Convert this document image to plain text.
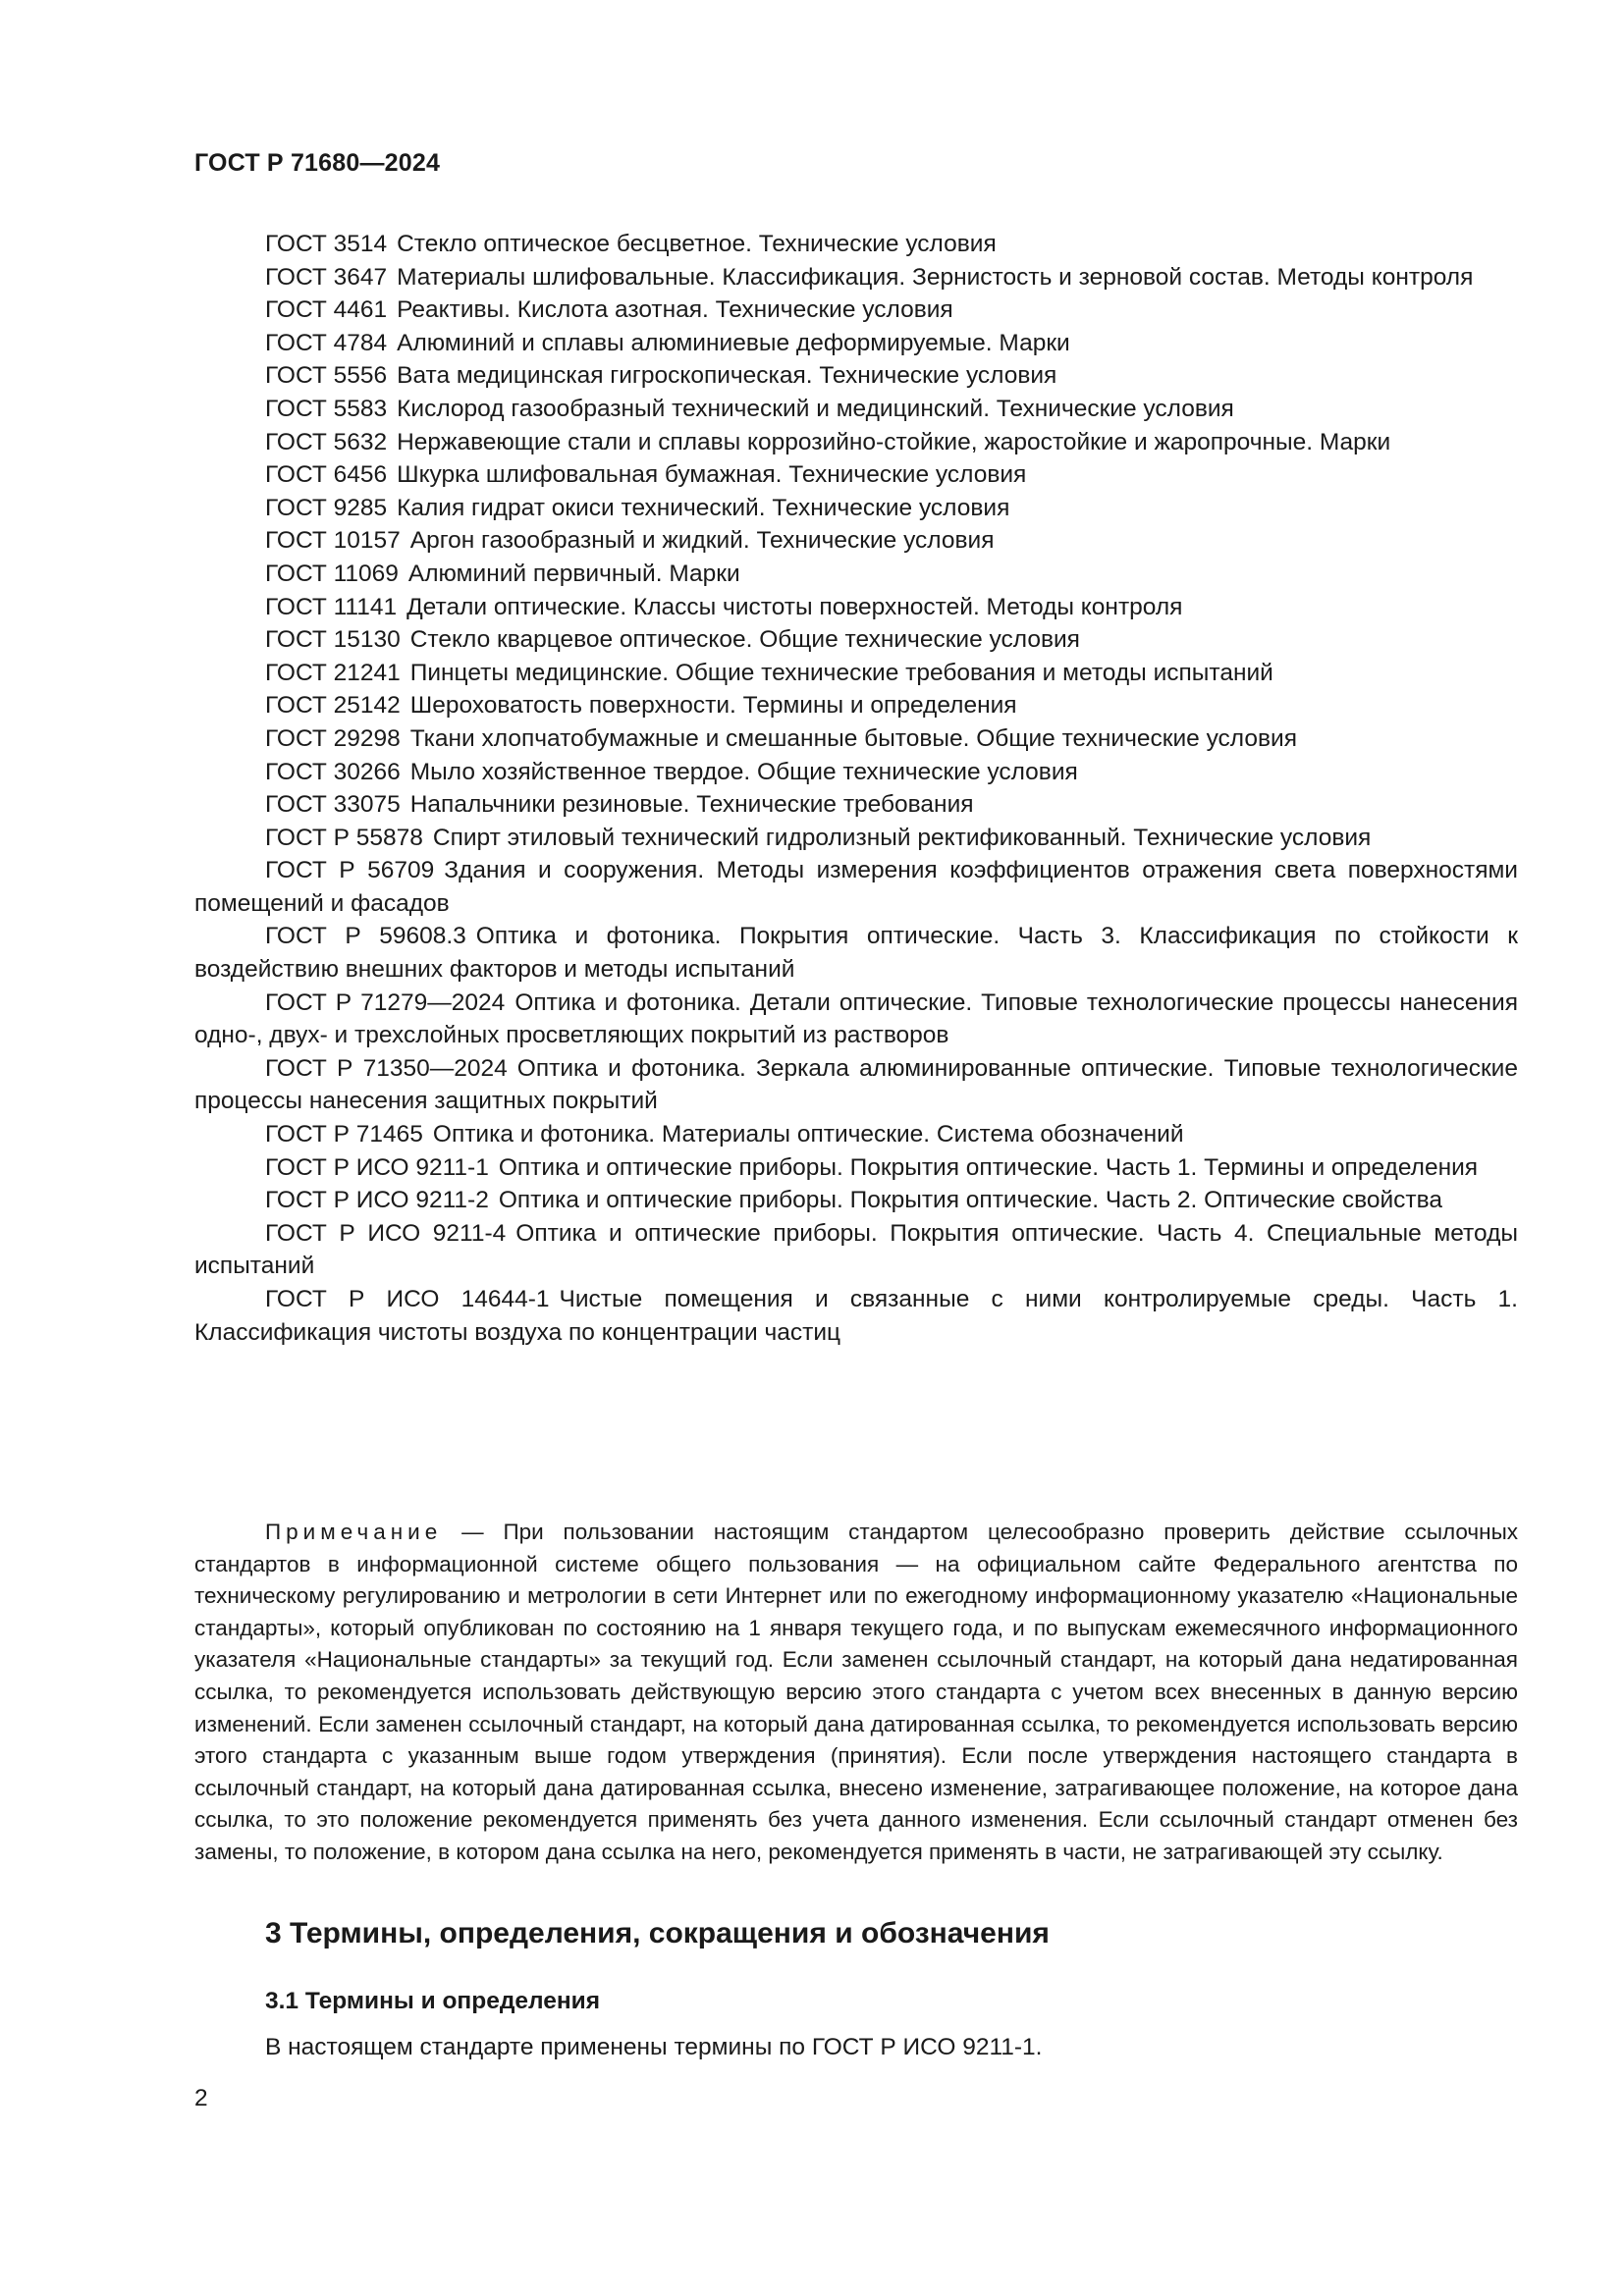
ГОСТ Р 71680—2024

ГОСТ 3514 Стекло оптическое бесцветное. Технические условия

ГОСТ 3647 Материалы шлифовальные. Классификация. Зернистость и зерновой состав. Методы контроля

ГОСТ 4461 Реактивы. Кислота азотная. Технические условия

ГОСТ 4784 Алюминий и сплавы алюминиевые деформируемые. Марки

ГОСТ 5556 Вата медицинская гигроскопическая. Технические условия

ГОСТ 5583 Кислород газообразный технический и медицинский. Технические условия

ГОСТ 5632 Нержавеющие стали и сплавы коррозийно-стойкие, жаростойкие и жаропрочные. Марки

ГОСТ 6456 Шкурка шлифовальная бумажная. Технические условия

ГОСТ 9285 Калия гидрат окиси технический. Технические условия

ГОСТ 10157 Аргон газообразный и жидкий. Технические условия

ГОСТ 11069 Алюминий первичный. Марки

ГОСТ 11141 Детали оптические. Классы чистоты поверхностей. Методы контроля

ГОСТ 15130 Стекло кварцевое оптическое. Общие технические условия

ГОСТ 21241 Пинцеты медицинские. Общие технические требования и методы испытаний

ГОСТ 25142 Шероховатость поверхности. Термины и определения

ГОСТ 29298 Ткани хлопчатобумажные и смешанные бытовые. Общие технические условия

ГОСТ 30266 Мыло хозяйственное твердое. Общие технические условия

ГОСТ 33075 Напальчники резиновые. Технические требования

ГОСТ Р 55878 Спирт этиловый технический гидролизный ректификованный. Технические условия

ГОСТ Р 56709 Здания и сооружения. Методы измерения коэффициентов отражения света поверхностями помещений и фасадов

ГОСТ Р 59608.3 Оптика и фотоника. Покрытия оптические. Часть 3. Классификация по стойкости к воздействию внешних факторов и методы испытаний

ГОСТ Р 71279—2024 Оптика и фотоника. Детали оптические. Типовые технологические процессы нанесения одно-, двух- и трехслойных просветляющих покрытий из растворов

ГОСТ Р 71350—2024 Оптика и фотоника. Зеркала алюминированные оптические. Типовые технологические процессы нанесения защитных покрытий

ГОСТ Р 71465 Оптика и фотоника. Материалы оптические. Система обозначений

ГОСТ Р ИСО 9211-1 Оптика и оптические приборы. Покрытия оптические. Часть 1. Термины и определения

ГОСТ Р ИСО 9211-2 Оптика и оптические приборы. Покрытия оптические. Часть 2. Оптические свойства

ГОСТ Р ИСО 9211-4 Оптика и оптические приборы. Покрытия оптические. Часть 4. Специальные методы испытаний

ГОСТ Р ИСО 14644-1 Чистые помещения и связанные с ними контролируемые среды. Часть 1. Классификация чистоты воздуха по концентрации частиц

Примечание — При пользовании настоящим стандартом целесообразно проверить действие ссылочных стандартов в информационной системе общего пользования — на официальном сайте Федерального агентства по техническому регулированию и метрологии в сети Интернет или по ежегодному информационному указателю «Национальные стандарты», который опубликован по состоянию на 1 января текущего года, и по выпускам ежемесячного информационного указателя «Национальные стандарты» за текущий год. Если заменен ссылочный стандарт, на который дана недатированная ссылка, то рекомендуется использовать действующую версию этого стандарта с учетом всех внесенных в данную версию изменений. Если заменен ссылочный стандарт, на который дана датированная ссылка, то рекомендуется использовать версию этого стандарта с указанным выше годом утверждения (принятия). Если после утверждения настоящего стандарта в ссылочный стандарт, на который дана датированная ссылка, внесено изменение, затрагивающее положение, на которое дана ссылка, то это положение рекомендуется применять без учета данного изменения. Если ссылочный стандарт отменен без замены, то положение, в котором дана ссылка на него, рекомендуется применять в части, не затрагивающей эту ссылку.

3 Термины, определения, сокращения и обозначения
3.1 Термины и определения

В настоящем стандарте применены термины по ГОСТ Р ИСО 9211-1.

2
